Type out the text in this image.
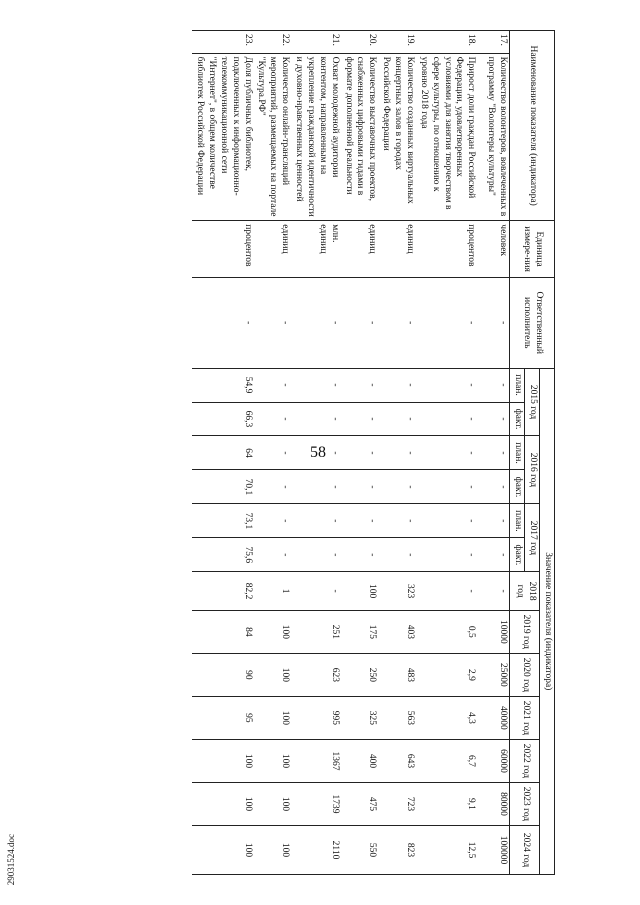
58
29031524.doc
Наименование показателя (индикатора)		Единица измере-ния	Ответственный исполнитель	Значение показателя (индикатора)												
				2015 год		2016 год		2017 год		2018 год	2019 год	2020 год	2021 год	2022 год	2023 год	2024 год
				план.	факт.	план.	факт.	план.	факт.							
17.	Количество волонтеров, вовлеченных в программу "Волонтеры культуры"	человек	-	-	-	-	-	-	-	-	10000	25000	40000	60000	80000	100000
18.	Прирост доли граждан Российской Федерации, удовлетворенных условиями для занятия творчеством в сфере культуры, по отношению к уровню 2018 года	процентов	-	-	-	-	-	-	-	-	0,5	2,9	4,3	6,7	9,1	12,5
19.	Количество созданных виртуальных концертных залов в городах Российской Федерации	единиц	-	-	-	-	-	-	-	323	403	483	563	643	723	823
20.	Количество выставочных проектов, снабженных цифровыми гидами в формате дополненной реальности	единиц	-	-	-	-	-	-	-	100	175	250	325	400	475	550
21.	Охват молодежной аудитории контентом, направленным на укрепление гражданской идентичности и духовно-нравственных ценностей	млн. единиц	-	-	-	-	-	-	-	-	251	623	995	1367	1739	2110
22.	Количество онлайн-трансляций мероприятий, размещаемых на портале "Культура.РФ"	единиц	-	-	-	-	-	-	-	1	100	100	100	100	100	100
23.	Доля публичных библиотек, подключенных к информационно-телекоммуникационной сети "Интернет", в общем количестве библиотек Российской Федерации	процентов	-	54,9	66,3	64	70,1	73,1	75,6	82,2	84	90	95	100	100	100
